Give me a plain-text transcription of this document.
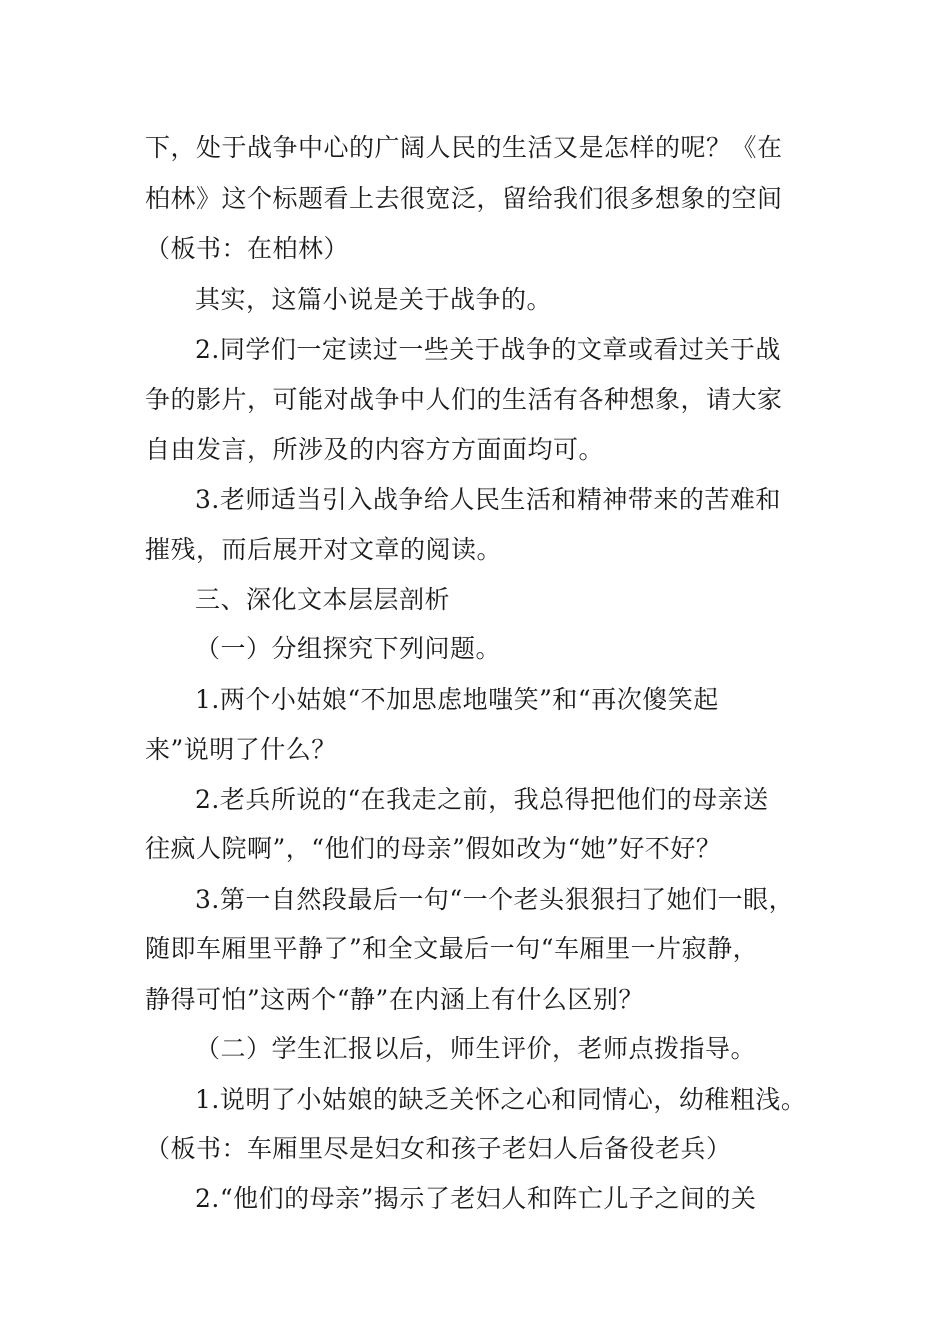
下，处于战争中心的广阔人民的生活又是怎样的呢？《在
柏林》这个标题看上去很宽泛，留给我们很多想象的空间
（板书：在柏林）
其实，这篇小说是关于战争的。
2.同学们一定读过一些关于战争的文章或看过关于战
争的影片，可能对战争中人们的生活有各种想象，请大家
自由发言，所涉及的内容方方面面均可。
3.老师适当引入战争给人民生活和精神带来的苦难和
摧残，而后展开对文章的阅读。
三、深化文本层层剖析
（一）分组探究下列问题。
1.两个小姑娘“不加思虑地嗤笑”和“再次傻笑起
来”说明了什么？
2.老兵所说的“在我走之前，我总得把他们的母亲送
往疯人院啊”，“他们的母亲”假如改为“她”好不好？
3.第一自然段最后一句“一个老头狠狠扫了她们一眼，
随即车厢里平静了”和全文最后一句“车厢里一片寂静，
静得可怕”这两个“静”在内涵上有什么区别？
（二）学生汇报以后，师生评价，老师点拨指导。
1.说明了小姑娘的缺乏关怀之心和同情心，幼稚粗浅。
（板书：车厢里尽是妇女和孩子老妇人后备役老兵）
2.“他们的母亲”揭示了老妇人和阵亡儿子之间的关
